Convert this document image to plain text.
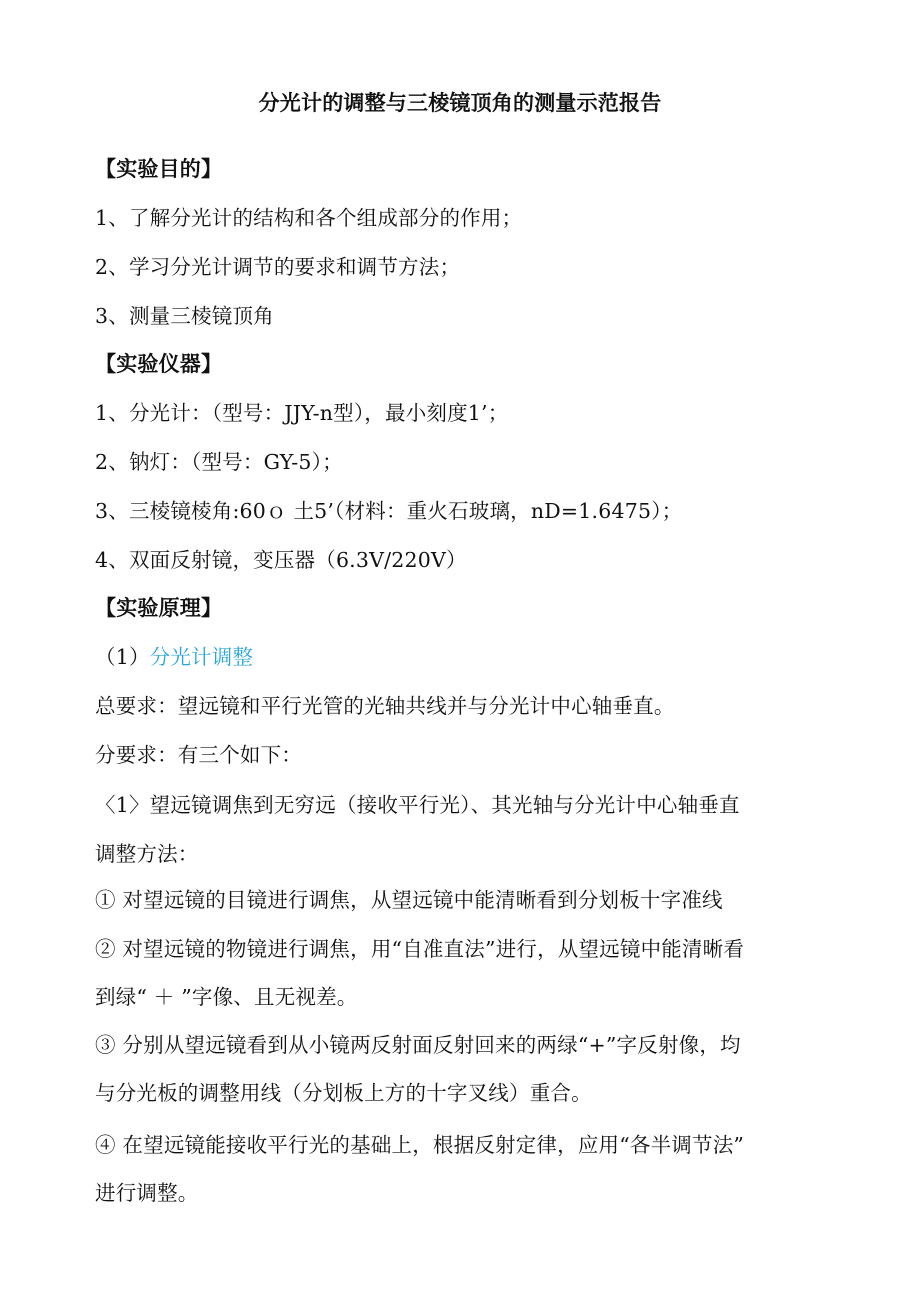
分光计的调整与三棱镜顶角的测量示范报告
【实验目的】
1、了解分光计的结构和各个组成部分的作用；
2、学习分光计调节的要求和调节方法；
3、测量三棱镜顶角
【实验仪器】
1、分光计：（型号：JJY-n型），最小刻度1’；
2、钠灯：（型号：GY-5）；
3、三棱镜棱角:60ｏ 土5’（材料：重火石玻璃，nD=1.6475）；
4、双面反射镜，变压器（6.3V/220V）
【实验原理】
（1）分光计调整
总要求：望远镜和平行光管的光轴共线并与分光计中心轴垂直。
分要求：有三个如下：
〈1〉望远镜调焦到无穷远（接收平行光）、其光轴与分光计中心轴垂直
调整方法：
① 对望远镜的目镜进行调焦，从望远镜中能清晰看到分划板十字准线
② 对望远镜的物镜进行调焦，用“自准直法”进行，从望远镜中能清晰看
到绿“ ＋ ”字像、且无视差。
③ 分别从望远镜看到从小镜两反射面反射回来的两绿“+”字反射像，均
与分光板的调整用线（分划板上方的十字叉线）重合。
④ 在望远镜能接收平行光的基础上，根据反射定律，应用“各半调节法”
进行调整。
